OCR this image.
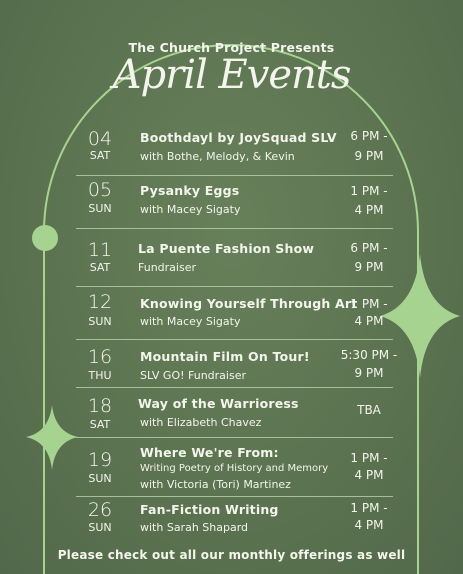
The Church Project Presents
April Events
04
SAT
Boothdayl by JoySquad SLV
with Bothe, Melody, & Kevin
6 PM -
9 PM
05
SUN
Pysanky Eggs
with Macey Sigaty
1 PM -
4 PM
11
SAT
La Puente Fashion Show
Fundraiser
6 PM -
9 PM
12
SUN
Knowing Yourself Through Art
with Macey Sigaty
1 PM -
4 PM
16
THU
Mountain Film On Tour!
SLV GO! Fundraiser
5:30 PM -
9 PM
18
SAT
Way of the Warrioress
with Elizabeth Chavez
TBA
19
SUN
Where We're From:
Writing Poetry of History and Memory
with Victoria (Tori) Martinez
1 PM -
4 PM
26
SUN
Fan-Fiction Writing
with Sarah Shapard
1 PM -
4 PM
Please check out all our monthly offerings as well
